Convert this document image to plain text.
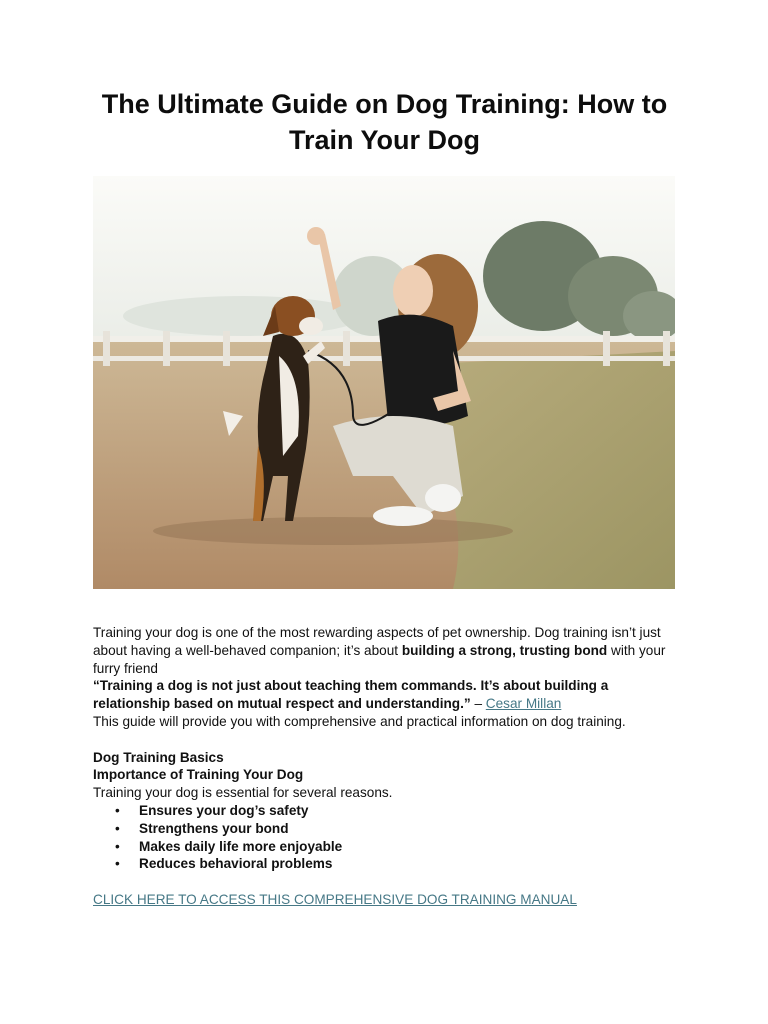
The Ultimate Guide on Dog Training: How to Train Your Dog

Training your dog is one of the most rewarding aspects of pet ownership. Dog training isn’t just about having a well-behaved companion; it’s about building a strong, trusting bond with your furry friend

“Training a dog is not just about teaching them commands. It’s about building a relationship based on mutual respect and understanding.” – Cesar Millan

This guide will provide you with comprehensive and practical information on dog training.

Dog Training Basics

Importance of Training Your Dog

Training your dog is essential for several reasons.

• Ensures your dog’s safety
• Strengthens your bond
• Makes daily life more enjoyable
• Reduces behavioral problems

CLICK HERE TO ACCESS THIS COMPREHENSIVE DOG TRAINING MANUAL
